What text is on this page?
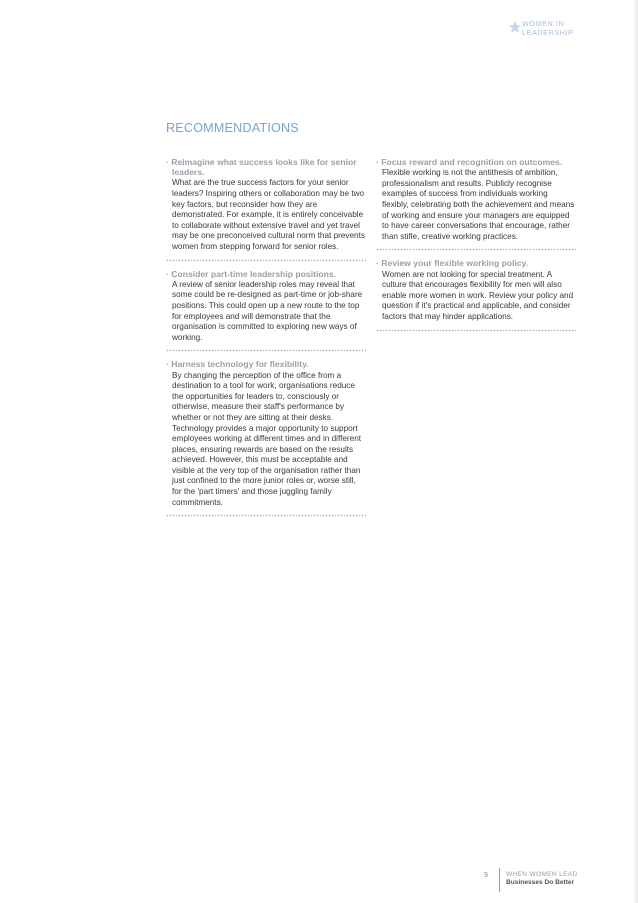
WOMEN IN
LEADERSHIP
RECOMMENDATIONS
· Reimagine what success looks like for senior leaders.
What are the true success factors for your senior leaders? Inspiring others or collaboration may be two key factors, but reconsider how they are demonstrated. For example, it is entirely conceivable to collaborate without extensive travel and yet travel may be one preconceived cultural norm that prevents women from stepping forward for senior roles.
· Consider part-time leadership positions.
A review of senior leadership roles may reveal that some could be re-designed as part-time or job-share positions. This could open up a new route to the top for employees and will demonstrate that the organisation is committed to exploring new ways of working.
· Harness technology for flexibility.
By changing the perception of the office from a destination to a tool for work, organisations reduce the opportunities for leaders to, consciously or otherwise, measure their staff's performance by whether or not they are sitting at their desks. Technology provides a major opportunity to support employees working at different times and in different places, ensuring rewards are based on the results achieved. However, this must be acceptable and visible at the very top of the organisation rather than just confined to the more junior roles or, worse still, for the 'part timers' and those juggling family commitments.
· Focus reward and recognition on outcomes.
Flexible working is not the antithesis of ambition, professionalism and results. Publicly recognise examples of success from individuals working flexibly, celebrating both the achievement and means of working and ensure your managers are equipped to have career conversations that encourage, rather than stifle, creative working practices.
· Review your flexible working policy.
Women are not looking for special treatment. A culture that encourages flexibility for men will also enable more women in work. Review your policy and question if it's practical and applicable, and consider factors that may hinder applications.
9	WHEN WOMEN LEAD
Businesses Do Better
